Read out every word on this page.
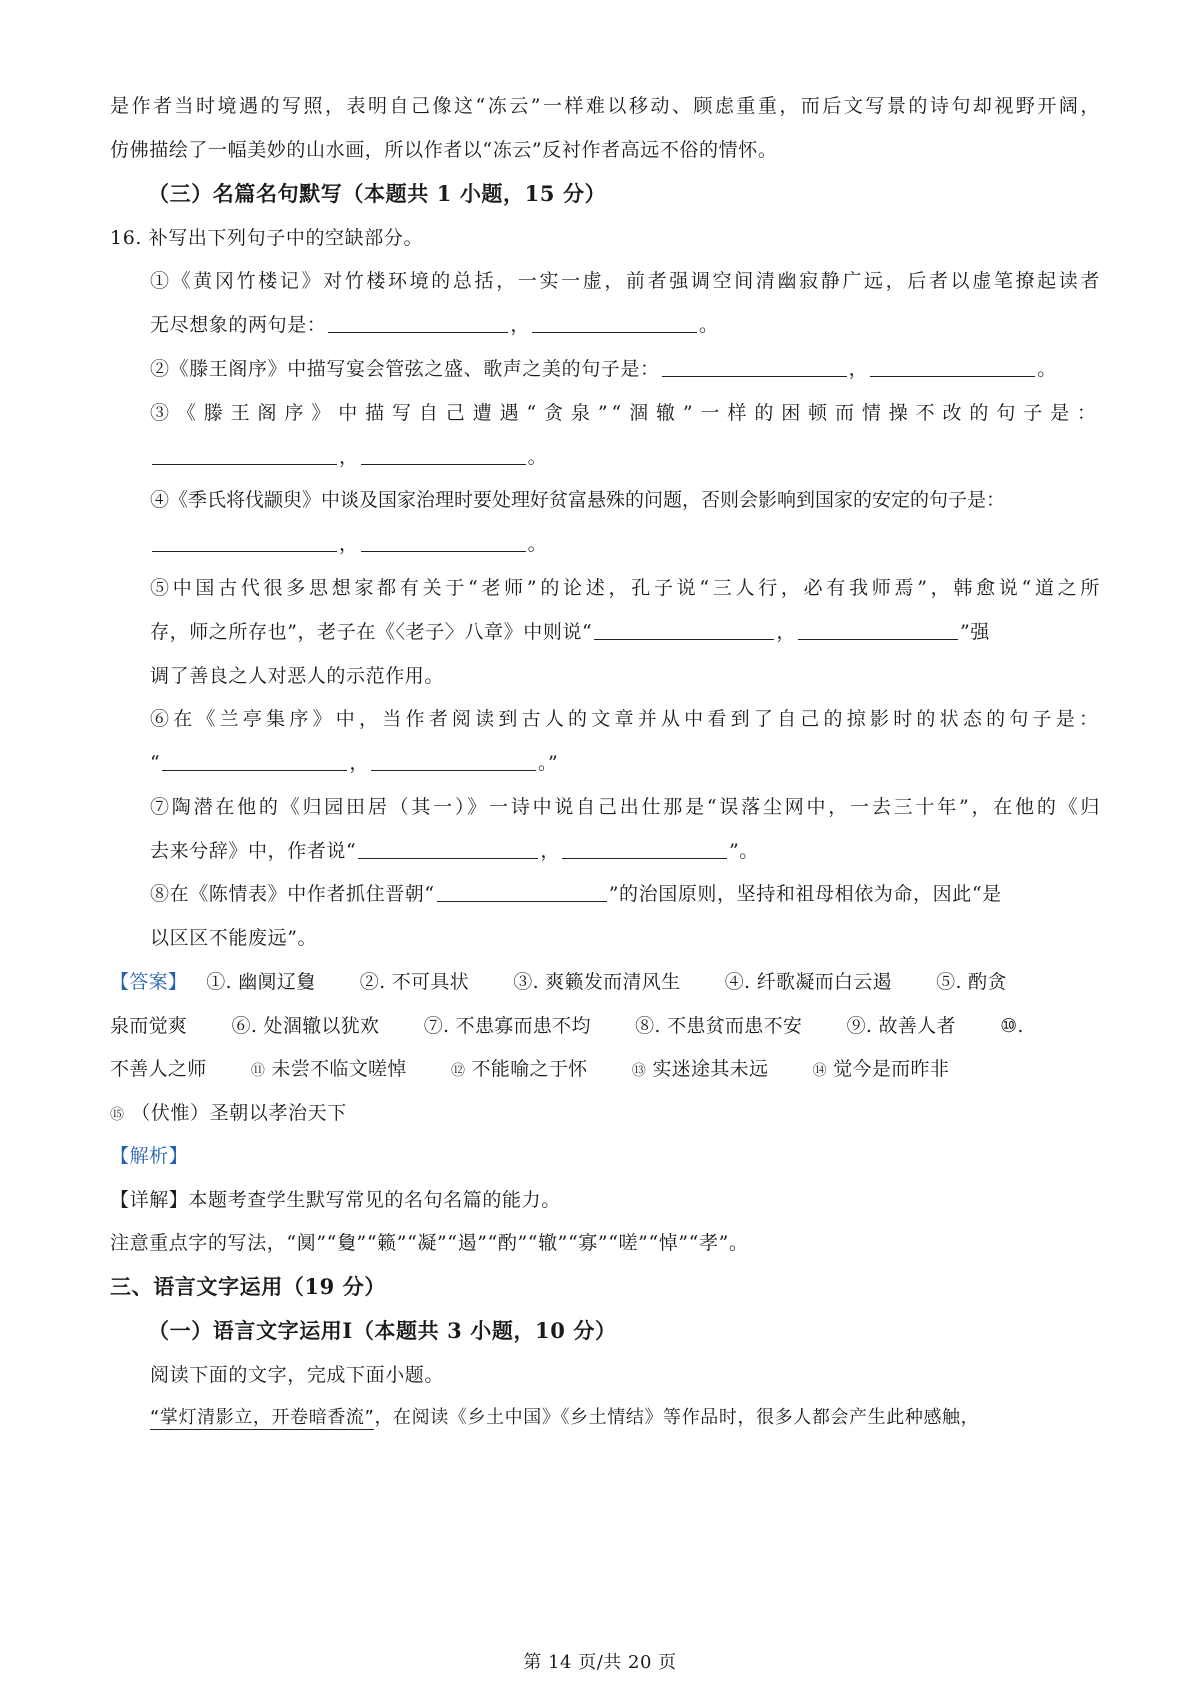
是作者当时境遇的写照，表明自己像这“冻云”一样难以移动、顾虑重重，而后文写景的诗句却视野开阔，
仿佛描绘了一幅美妙的山水画，所以作者以“冻云”反衬作者高远不俗的情怀。
（三）名篇名句默写（本题共 1 小题，15 分）
16. 补写出下列句子中的空缺部分。
①《黄冈竹楼记》对竹楼环境的总括，一实一虚，前者强调空间清幽寂静广远，后者以虚笔撩起读者
无尽想象的两句是：	，	。
②《滕王阁序》中描写宴会管弦之盛、歌声之美的句子是：	，	。
③《滕王阁序》中描写自己遭遇“贪泉”“涸辙”一样的困顿而情操不改的句子是：
，	。
④《季氏将伐颛臾》中谈及国家治理时要处理好贫富悬殊的问题，否则会影响到国家的安定的句子是：
，	。
⑤中国古代很多思想家都有关于“老师”的论述，孔子说“三人行，必有我师焉”，韩愈说“道之所
存，师之所存也”，老子在《〈老子〉八章》中则说“	，	”强
调了善良之人对恶人的示范作用。
⑥在《兰亭集序》中，当作者阅读到古人的文章并从中看到了自己的掠影时的状态的句子是：
“	，	。”
⑦陶潜在他的《归园田居（其一）》一诗中说自己出仕那是“误落尘网中，一去三十年”，在他的《归
去来兮辞》中，作者说“	，	”。
⑧在《陈情表》中作者抓住晋朝“	”的治国原则，坚持和祖母相依为命，因此“是
以区区不能废远”。
【答案】 ①. 幽阒辽敻 ②. 不可具状 ③. 爽籁发而清风生 ④. 纤歌凝而白云遏 ⑤. 酌贪
泉而觉爽 ⑥. 处涸辙以犹欢 ⑦. 不患寡而患不均 ⑧. 不患贫而患不安 ⑨. 故善人者 ⑩.
不善人之师	⑪ 未尝不临文嗟悼	⑫ 不能喻之于怀	⑬ 实迷途其未远	⑭ 觉今是而昨非
⑮ （伏惟）圣朝以孝治天下
【解析】
【详解】本题考查学生默写常见的名句名篇的能力。
注意重点字的写法，“阒”“敻”“籁”“凝”“遏”“酌”“辙”“寡”“嗟”“悼”“孝”。
三、语言文字运用（19 分）
（一）语言文字运用Ⅰ（本题共 3 小题，10 分）
阅读下面的文字，完成下面小题。
“掌灯清影立，开卷暗香流”，在阅读《乡土中国》《乡土情结》等作品时，很多人都会产生此种感触，
第 14 页/共 20 页
